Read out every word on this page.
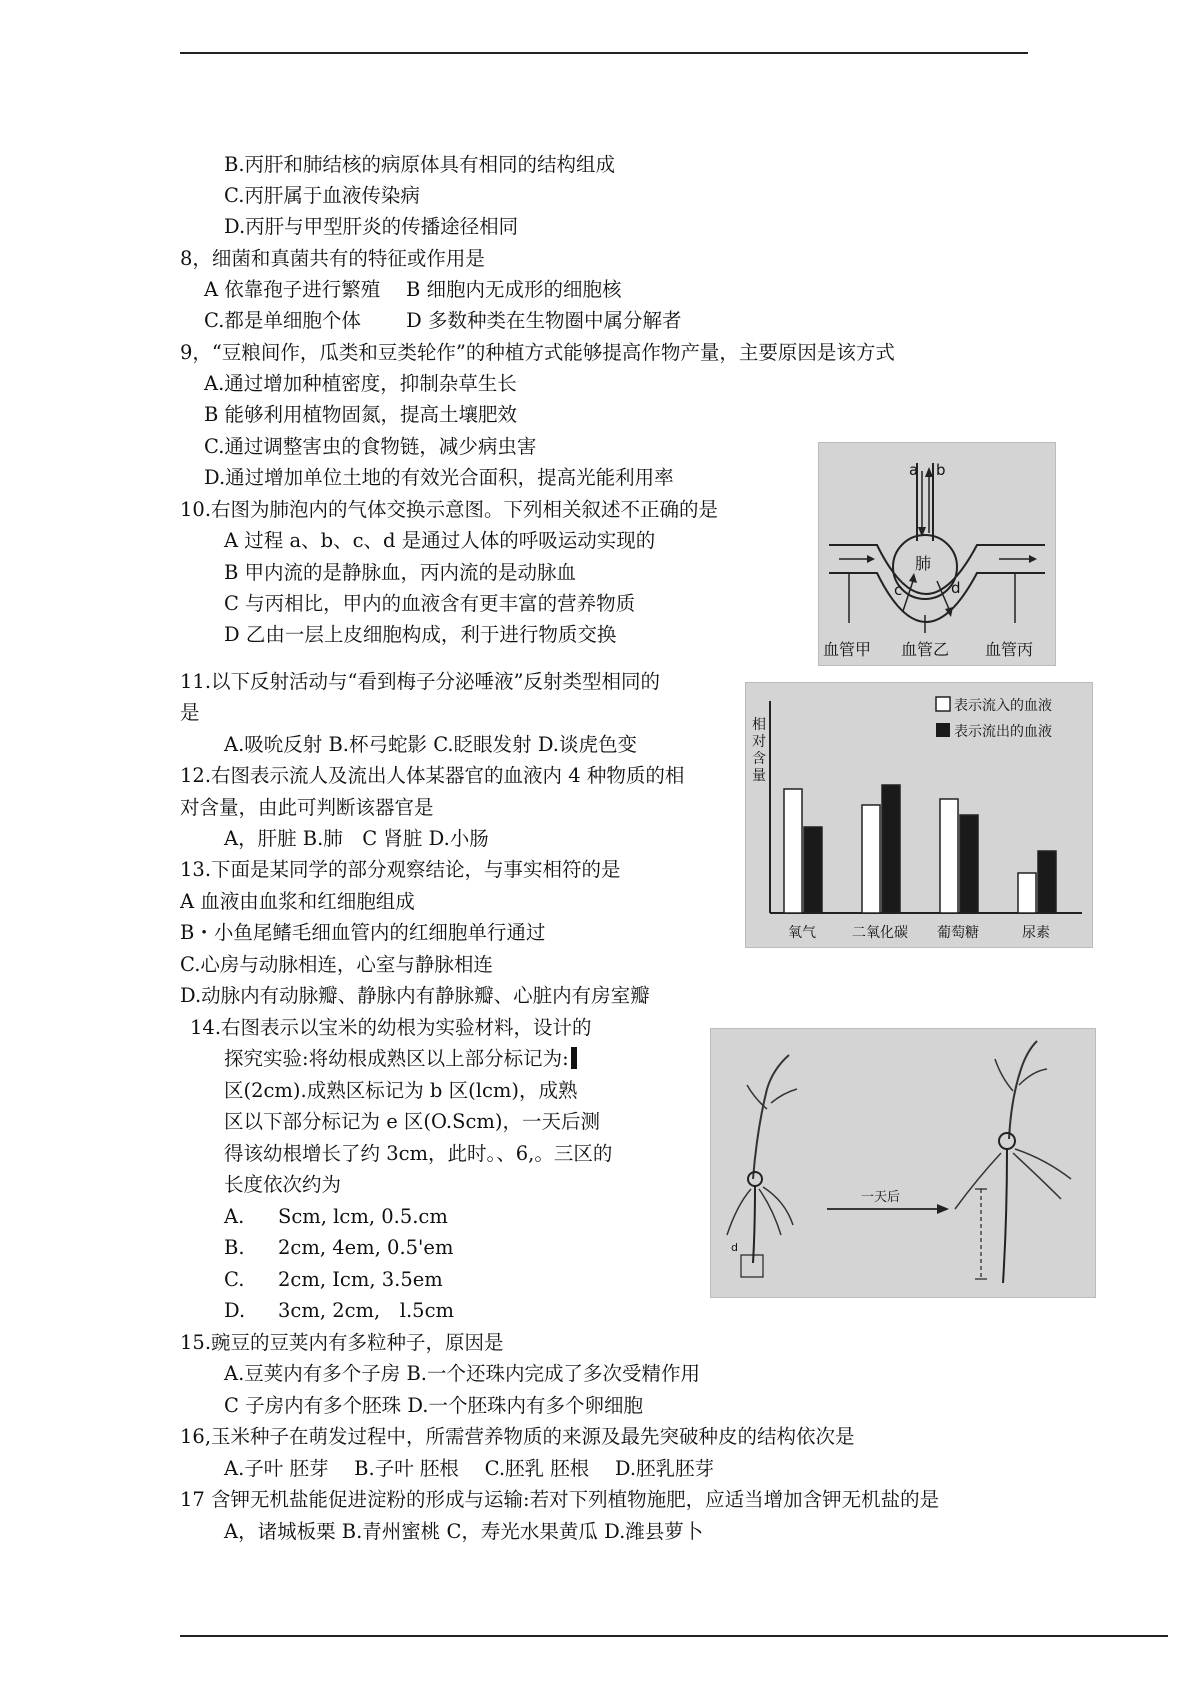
B.丙肝和肺结核的病原体具有相同的结构组成
C.丙肝属于血液传染病
D.丙肝与甲型肝炎的传播途径相同
8，细菌和真菌共有的特征或作用是
A 依靠孢子进行繁殖　 B 细胞内无成形的细胞核
C.都是单细胞个体　　 D 多数种类在生物圈中属分解者
9，“豆粮间作，瓜类和豆类轮作”的种植方式能够提高作物产量，主要原因是该方式
A.通过增加种植密度，抑制杂草生长
B 能够利用植物固氮，提高土壤肥效
C.通过调整害虫的食物链，减少病虫害
D.通过增加单位土地的有效光合面积，提高光能利用率
10.右图为肺泡内的气体交换示意图。下列相关叙述不正确的是
A 过程 a、b、c、d 是通过人体的呼吸运动实现的
B 甲内流的是静脉血，丙内流的是动脉血
C 与丙相比，甲内的血液含有更丰富的营养物质
D 乙由一层上皮细胞构成，利于进行物质交换
a b
肺
c	d
血管甲 血管乙 血管丙
11.以下反射活动与“看到梅子分泌唾液”反射类型相同的
是
A.吸吮反射 B.杯弓蛇影 C.眨眼发射 D.谈虎色变
12.右图表示流人及流出人体某器官的血液内 4 种物质的相
对含量，由此可判断该器官是
A，肝脏 B.肺　C 肾脏 D.小肠
相
对
含
量
表示流入的血液
表示流出的血液
氧气	二氧化碳 葡萄糖	尿素
13.下面是某同学的部分观察结论，与事实相符的是
A 血液由血浆和红细胞组成
B・小鱼尾鳍毛细血管内的红细胞单行通过
C.心房与动脉相连，心室与静脉相连
D.动脉内有动脉瓣、静脉内有静脉瓣、心脏内有房室瓣
14.右图表示以宝米的幼根为实验材料，设计的
探究实验:将幼根成熟区以上部分标记为:
区(2cm).成熟区标记为 b 区(lcm)，成熟
区以下部分标记为 e 区(O.Scm)，一天后测
得该幼根增长了约 3cm，此时。、6,。三区的
长度依次约为
A. Scm, lcm, 0.5.cm
B. 2cm, 4em, 0.5'em
C. 2cm, Icm, 3.5em
D. 3cm, 2cm,　l.5cm
d
一天后
15.豌豆的豆荚内有多粒种子，原因是
A.豆荚内有多个子房 B.一个还珠内完成了多次受精作用
C 子房内有多个胚珠 D.一个胚珠内有多个卵细胞
16,玉米种子在萌发过程中，所需营养物质的来源及最先突破种皮的结构依次是
A.子叶 胚芽　 B.子叶 胚根　 C.胚乳 胚根　 D.胚乳胚芽
17 含钾无机盐能促进淀粉的形成与运输:若对下列植物施肥，应适当增加含钾无机盐的是
A，诸城板栗 B.青州蜜桃 C，寿光水果黄瓜 D.潍县萝卜
